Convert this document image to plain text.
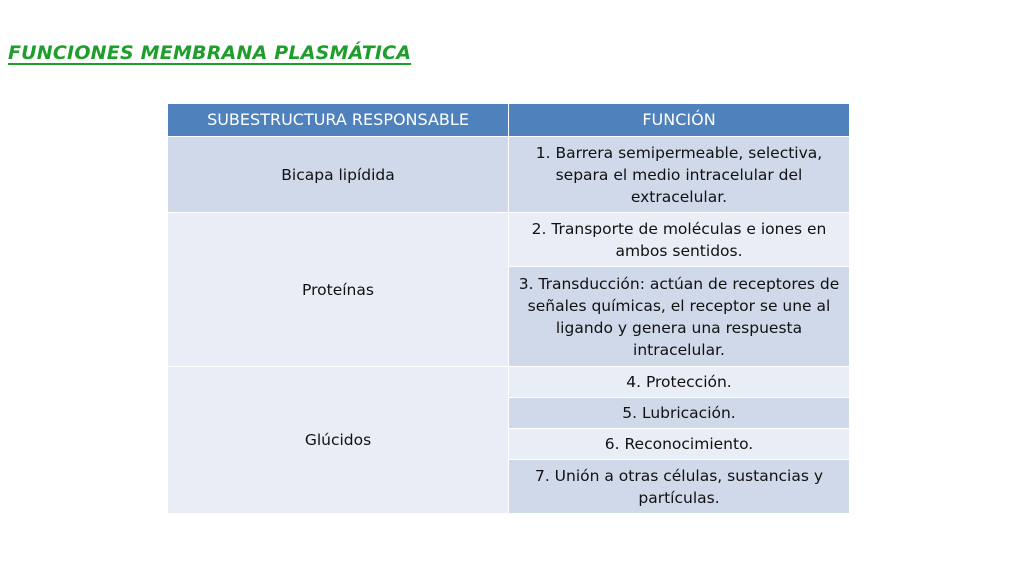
FUNCIONES MEMBRANA PLASMÁTICA
SUBESTRUCTURA RESPONSABLE	FUNCIÓN
Bicapa lipídida	1. Barrera semipermeable, selectiva, separa el medio intracelular del extracelular.
Proteínas	2. Transporte de moléculas e iones en ambos sentidos.
	3. Transducción: actúan de receptores de señales químicas, el receptor se une al ligando y genera una respuesta intracelular.
Glúcidos	4. Protección.
	5. Lubricación.
	6. Reconocimiento.
	7. Unión a otras células, sustancias y partículas.
